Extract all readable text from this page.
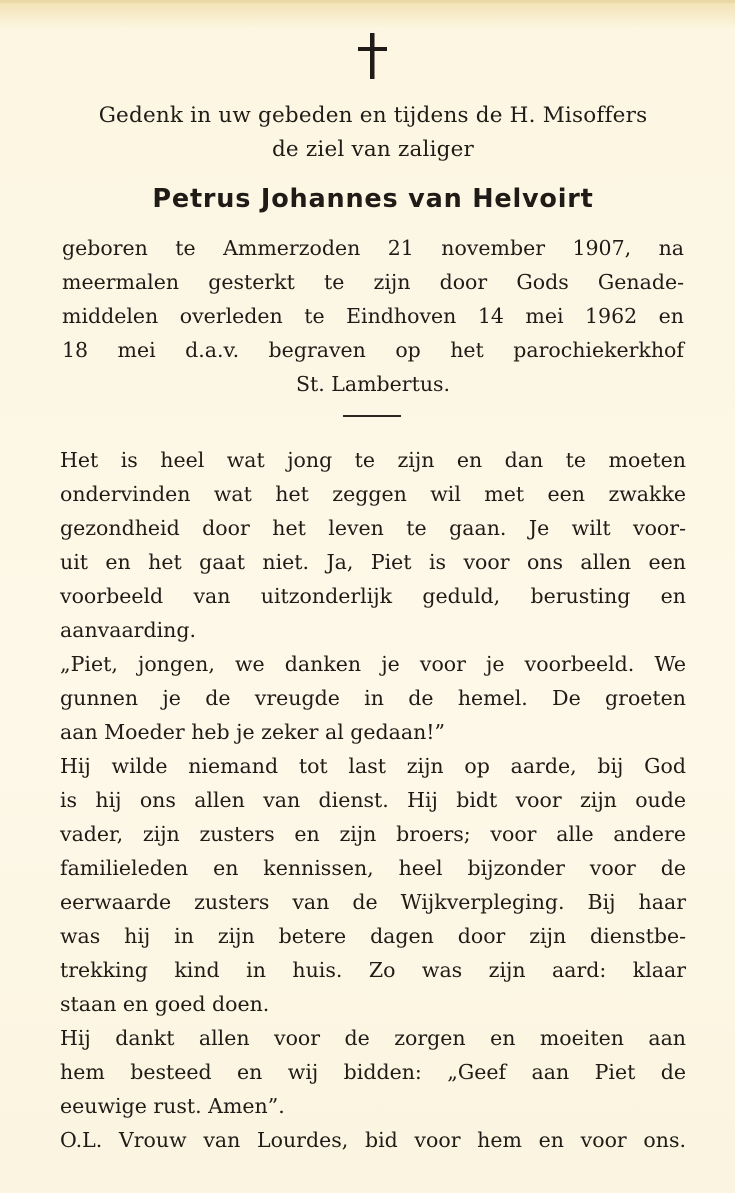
Gedenk in uw gebeden en tijdens de H. Misoffers
de ziel van zaliger
Petrus Johannes van Helvoirt
geboren te Ammerzoden 21 november 1907, na
meermalen gesterkt te zijn door Gods Genade-
middelen overleden te Eindhoven 14 mei 1962 en
18 mei d.a.v. begraven op het parochiekerkhof
St. Lambertus.
Het is heel wat jong te zijn en dan te moeten
ondervinden wat het zeggen wil met een zwakke
gezondheid door het leven te gaan. Je wilt voor-
uit en het gaat niet. Ja, Piet is voor ons allen een
voorbeeld van uitzonderlijk geduld, berusting en
aanvaarding.
„Piet, jongen, we danken je voor je voorbeeld. We
gunnen je de vreugde in de hemel. De groeten
aan Moeder heb je zeker al gedaan!”
Hij wilde niemand tot last zijn op aarde, bij God
is hij ons allen van dienst. Hij bidt voor zijn oude
vader, zijn zusters en zijn broers; voor alle andere
familieleden en kennissen, heel bijzonder voor de
eerwaarde zusters van de Wijkverpleging. Bij haar
was hij in zijn betere dagen door zijn dienstbe-
trekking kind in huis. Zo was zijn aard: klaar
staan en goed doen.
Hij dankt allen voor de zorgen en moeiten aan
hem besteed en wij bidden: „Geef aan Piet de
eeuwige rust. Amen”.
O.L. Vrouw van Lourdes, bid voor hem en voor ons.
